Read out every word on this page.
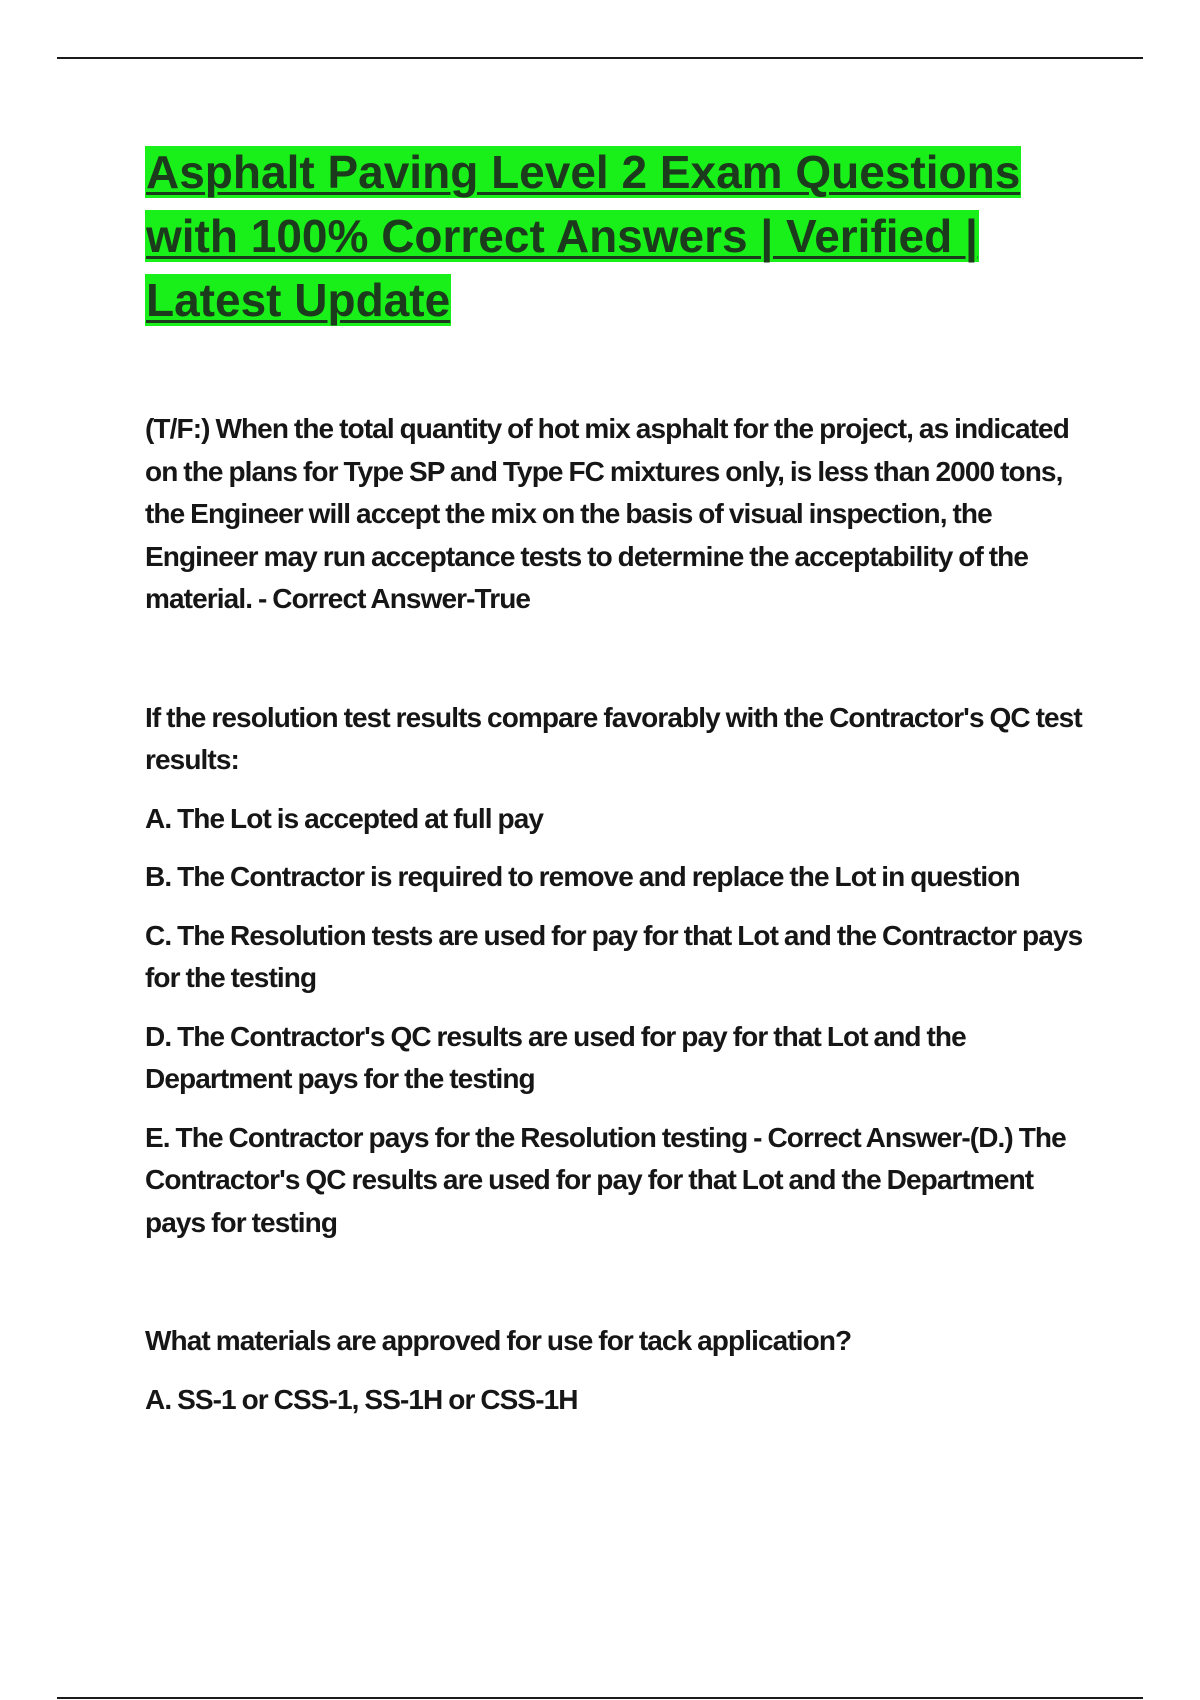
Asphalt Paving Level 2 Exam Questions with 100% Correct Answers | Verified | Latest Update

(T/F:) When the total quantity of hot mix asphalt for the project, as indicated on the plans for Type SP and Type FC mixtures only, is less than 2000 tons, the Engineer will accept the mix on the basis of visual inspection, the Engineer may run acceptance tests to determine the acceptability of the material. - Correct Answer-True

If the resolution test results compare favorably with the Contractor's QC test results:

A. The Lot is accepted at full pay

B. The Contractor is required to remove and replace the Lot in question

C. The Resolution tests are used for pay for that Lot and the Contractor pays for the testing

D. The Contractor's QC results are used for pay for that Lot and the Department pays for the testing

E. The Contractor pays for the Resolution testing - Correct Answer-(D.) The Contractor's QC results are used for pay for that Lot and the Department pays for testing

What materials are approved for use for tack application?

A. SS-1 or CSS-1, SS-1H or CSS-1H
